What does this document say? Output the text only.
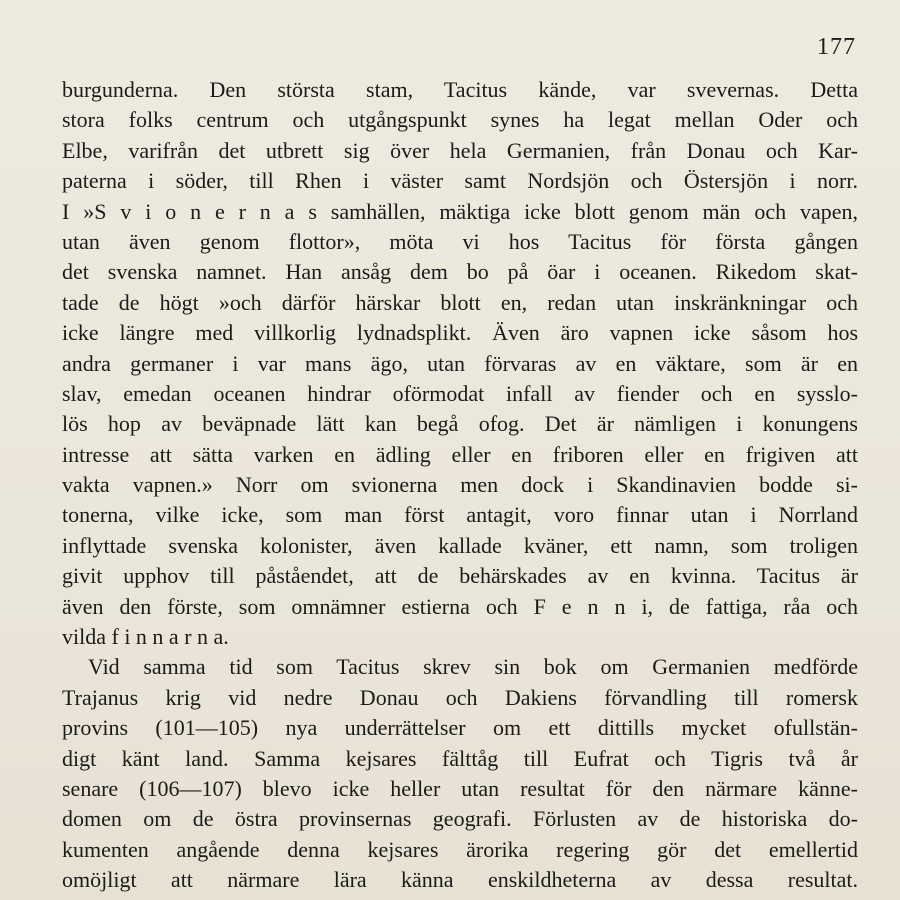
177
burgunderna. Den största stam, Tacitus kände, var svevernas. Detta
stora folks centrum och utgångspunkt synes ha legat mellan Oder och
Elbe, varifrån det utbrett sig över hela Germanien, från Donau och Kar-
paterna i söder, till Rhen i väster samt Nordsjön och Östersjön i norr.
I »S v i o n e r n a s samhällen, mäktiga icke blott genom män och vapen,
utan även genom flottor», möta vi hos Tacitus för första gången
det svenska namnet. Han ansåg dem bo på öar i oceanen. Rikedom skat-
tade de högt »och därför härskar blott en, redan utan inskränkningar och
icke längre med villkorlig lydnadsplikt. Även äro vapnen icke såsom hos
andra germaner i var mans ägo, utan förvaras av en väktare, som är en
slav, emedan oceanen hindrar oförmodat infall av fiender och en sysslo-
lös hop av beväpnade lätt kan begå ofog. Det är nämligen i konungens
intresse att sätta varken en ädling eller en friboren eller en frigiven att
vakta vapnen.» Norr om svionerna men dock i Skandinavien bodde si-
tonerna, vilke icke, som man först antagit, voro finnar utan i Norrland
inflyttade svenska kolonister, även kallade kväner, ett namn, som troligen
givit upphov till påståendet, att de behärskades av en kvinna. Tacitus är
även den förste, som omnämner estierna och F e n n i, de fattiga, råa och
vilda f i n n a r n a.
Vid samma tid som Tacitus skrev sin bok om Germanien medförde
Trajanus krig vid nedre Donau och Dakiens förvandling till romersk
provins (101—105) nya underrättelser om ett dittills mycket ofullstän-
digt känt land. Samma kejsares fälttåg till Eufrat och Tigris två år
senare (106—107) blevo icke heller utan resultat för den närmare känne-
domen om de östra provinsernas geografi. Förlusten av de historiska do-
kumenten angående denna kejsares ärorika regering gör det emellertid
omöjligt att närmare lära känna enskildheterna av dessa resultat.
